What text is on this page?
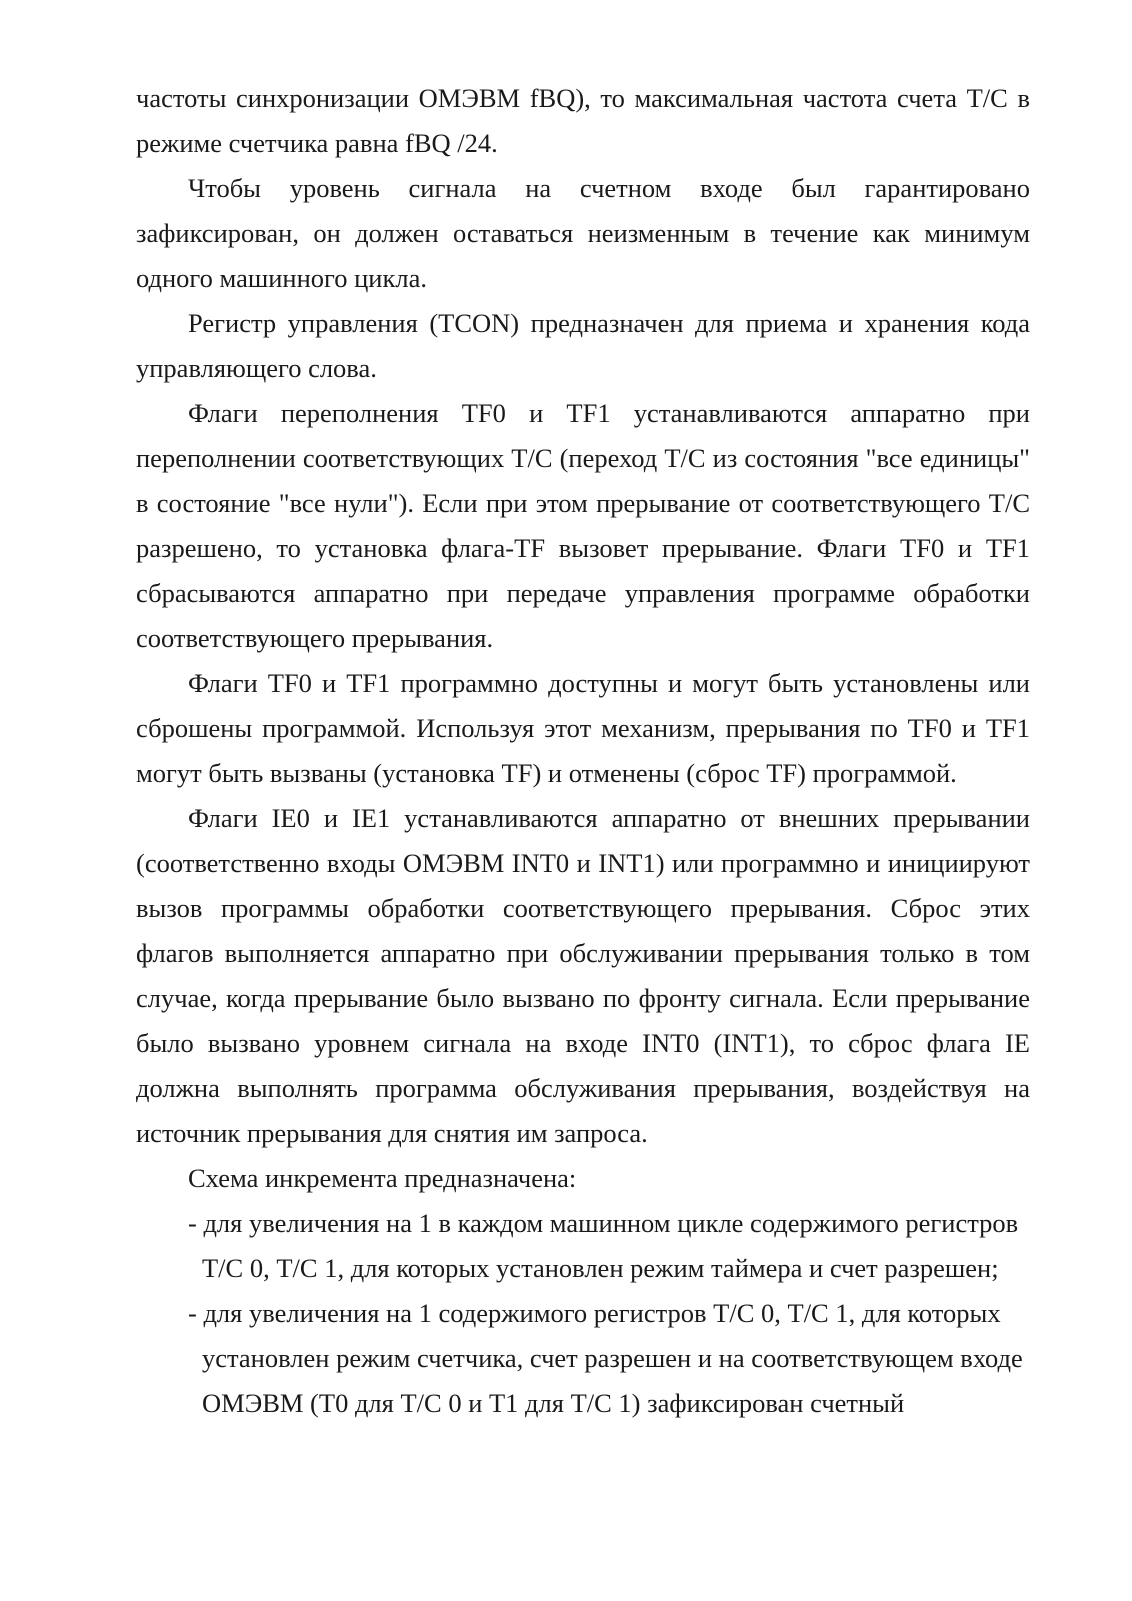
частоты синхронизации ОМЭВМ fBQ), то максимальная частота счета Т/С в режиме счетчика равна fBQ /24.

Чтобы уровень сигнала на счетном входе был гарантировано зафиксирован, он должен оставаться неизменным в течение как минимум одного машинного цикла.

Регистр управления (TCON) предназначен для приема и хранения кода управляющего слова.

Флаги переполнения TF0 и TF1 устанавливаются аппаратно при переполнении соответствующих Т/С (переход Т/С из состояния "все единицы" в состояние "все нули"). Если при этом прерывание от соответствующего Т/С разрешено, то установка флага-TF вызовет прерывание. Флаги TF0 и TF1 сбрасываются аппаратно при передаче управления программе обработки соответствующего прерывания.

Флаги TF0 и TF1 программно доступны и могут быть установлены или сброшены программой. Используя этот механизм, прерывания по TF0 и TF1 могут быть вызваны (установка TF) и отменены (сброс TF) программой.

Флаги IE0 и IE1 устанавливаются аппаратно от внешних прерывании (соответственно входы ОМЭВМ INT0 и INT1) или программно и инициируют вызов программы обработки соответствующего прерывания. Сброс этих флагов выполняется аппаратно при обслуживании прерывания только в том случае, когда прерывание было вызвано по фронту сигнала. Если прерывание было вызвано уровнем сигнала на входе INT0 (INT1), то сброс флага IE должна выполнять программа обслуживания прерывания, воздействуя на источник прерывания для снятия им запроса.

Схема инкремента предназначена:

- для увеличения на 1 в каждом машинном цикле содержимого регистров Т/С 0, Т/С 1, для которых установлен режим таймера и счет разрешен;
- для увеличения на 1 содержимого регистров Т/С 0, Т/С 1, для которых установлен режим счетчика, счет разрешен и на соответствующем входе ОМЭВМ (Т0 для Т/С 0 и Т1 для Т/С 1) зафиксирован счетный
